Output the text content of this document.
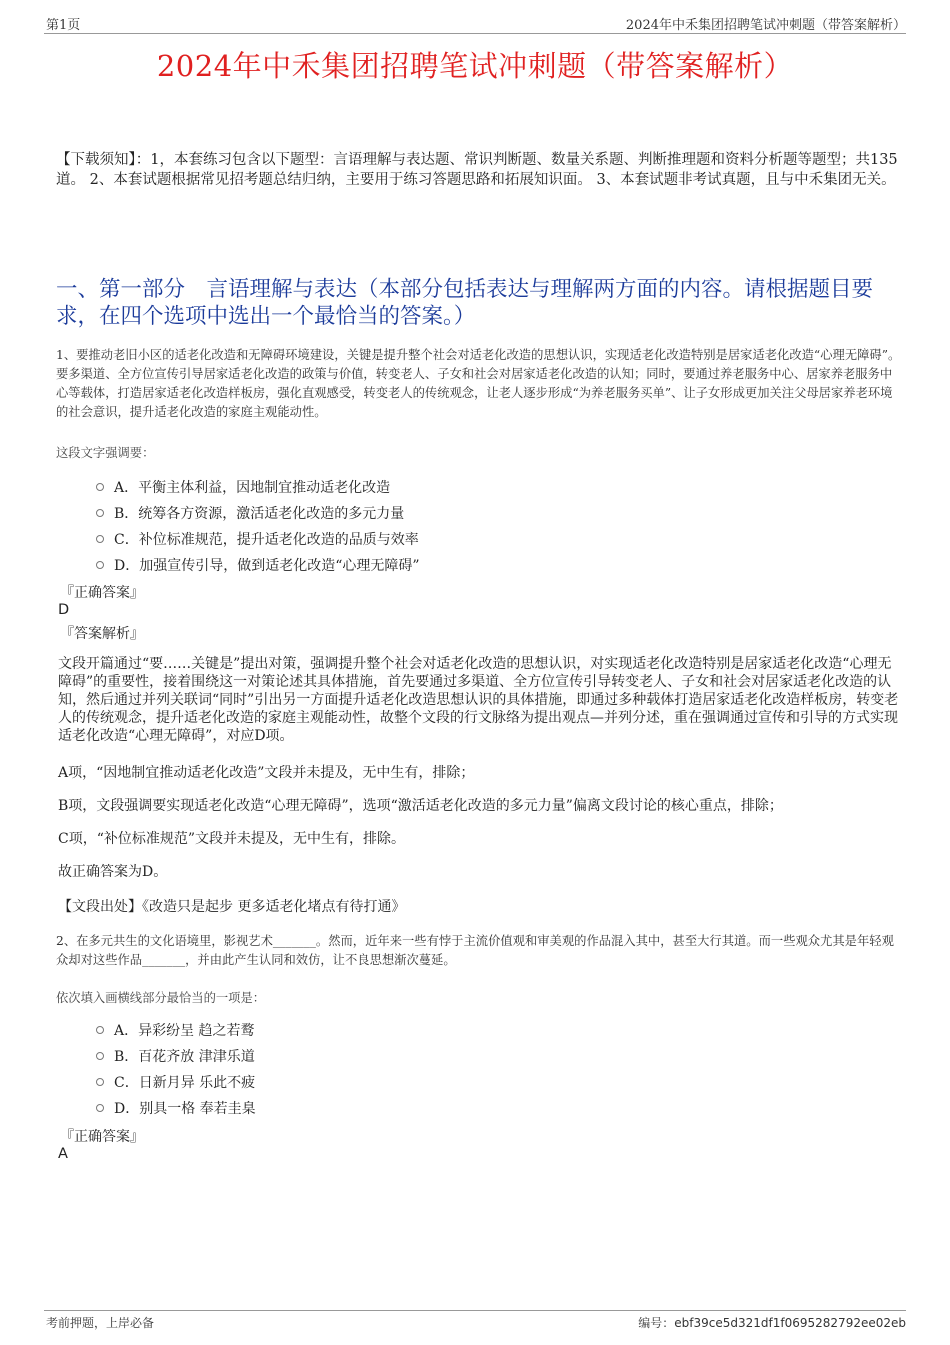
第1页	2024年中禾集团招聘笔试冲刺题（带答案解析）
2024年中禾集团招聘笔试冲刺题（带答案解析）
【下载须知】：1，本套练习包含以下题型：言语理解与表达题、常识判断题、数量关系题、判断推理题和资料分析题等题型；共135道。 2、本套试题根据常见招考题总结归纳，主要用于练习答题思路和拓展知识面。 3、本套试题非考试真题，且与中禾集团无关。
一、第一部分　言语理解与表达（本部分包括表达与理解两方面的内容。请根据题目要求，在四个选项中选出一个最恰当的答案。）
1、要推动老旧小区的适老化改造和无障碍环境建设，关键是提升整个社会对适老化改造的思想认识，实现适老化改造特别是居家适老化改造“心理无障碍”。要多渠道、全方位宣传引导居家适老化改造的政策与价值，转变老人、子女和社会对居家适老化改造的认知；同时，要通过养老服务中心、居家养老服务中心等载体，打造居家适老化改造样板房，强化直观感受，转变老人的传统观念，让老人逐步形成“为养老服务买单”、让子女形成更加关注父母居家养老环境的社会意识，提升适老化改造的家庭主观能动性。
这段文字强调要：
A．平衡主体利益，因地制宜推动适老化改造
B．统筹各方资源，激活适老化改造的多元力量
C．补位标准规范，提升适老化改造的品质与效率
D．加强宣传引导，做到适老化改造“心理无障碍”
『正确答案』
D
『答案解析』
文段开篇通过“要……关键是”提出对策，强调提升整个社会对适老化改造的思想认识，对实现适老化改造特别是居家适老化改造“心理无障碍”的重要性，接着围绕这一对策论述其具体措施，首先要通过多渠道、全方位宣传引导转变老人、子女和社会对居家适老化改造的认知，然后通过并列关联词“同时”引出另一方面提升适老化改造思想认识的具体措施，即通过多种载体打造居家适老化改造样板房，转变老人的传统观念，提升适老化改造的家庭主观能动性，故整个文段的行文脉络为提出观点—并列分述，重在强调通过宣传和引导的方式实现适老化改造“心理无障碍”，对应D项。
A项，“因地制宜推动适老化改造”文段并未提及，无中生有，排除；
B项，文段强调要实现适老化改造“心理无障碍”，选项“激活适老化改造的多元力量”偏离文段讨论的核心重点，排除；
C项，“补位标准规范”文段并未提及，无中生有，排除。
故正确答案为D。
【文段出处】《改造只是起步 更多适老化堵点有待打通》
2、在多元共生的文化语境里，影视艺术_______。然而，近年来一些有悖于主流价值观和审美观的作品混入其中，甚至大行其道。而一些观众尤其是年轻观众却对这些作品_______，并由此产生认同和效仿，让不良思想渐次蔓延。
依次填入画横线部分最恰当的一项是：
A．异彩纷呈 趋之若鹜
B．百花齐放 津津乐道
C．日新月异 乐此不疲
D．别具一格 奉若圭臬
『正确答案』
A
考前押题，上岸必备	编号：ebf39ce5d321df1f0695282792ee02eb
